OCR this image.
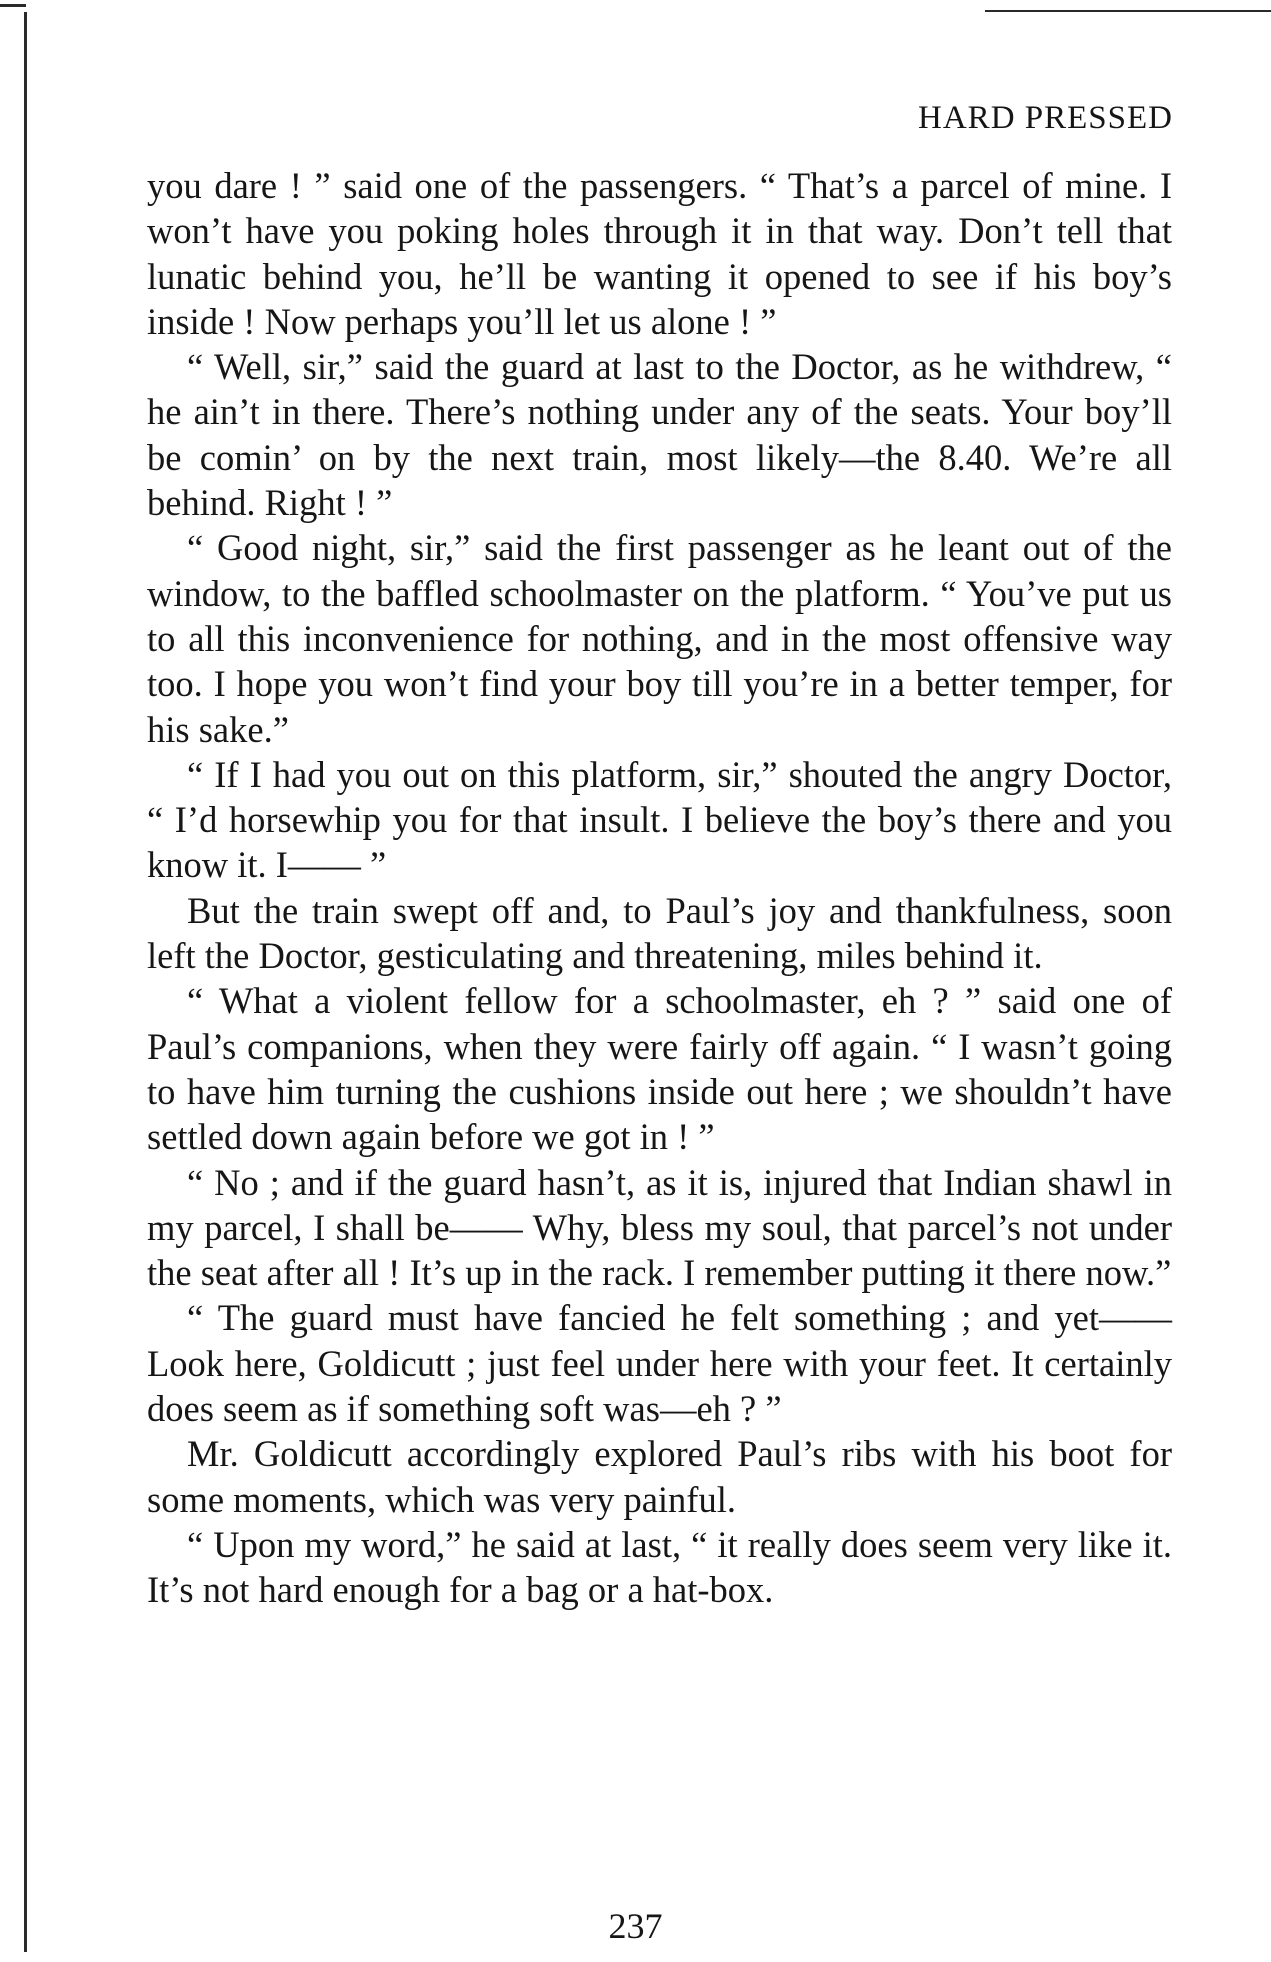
HARD PRESSED

you dare ! ” said one of the passengers. “ That’s a parcel of mine. I won’t have you poking holes through it in that way. Don’t tell that lunatic behind you, he’ll be wanting it opened to see if his boy’s inside ! Now perhaps you’ll let us alone ! ”

“ Well, sir,” said the guard at last to the Doctor, as he withdrew, “ he ain’t in there. There’s nothing under any of the seats. Your boy’ll be comin’ on by the next train, most likely—the 8.40. We’re all behind. Right ! ”

“ Good night, sir,” said the first passenger as he leant out of the window, to the baffled schoolmaster on the platform. “ You’ve put us to all this inconvenience for nothing, and in the most offensive way too. I hope you won’t find your boy till you’re in a better temper, for his sake.”

“ If I had you out on this platform, sir,” shouted the angry Doctor, “ I’d horsewhip you for that insult. I believe the boy’s there and you know it. I—— ”

But the train swept off and, to Paul’s joy and thankfulness, soon left the Doctor, gesticulating and threatening, miles behind it.

“ What a violent fellow for a schoolmaster, eh ? ” said one of Paul’s companions, when they were fairly off again. “ I wasn’t going to have him turning the cushions inside out here ; we shouldn’t have settled down again before we got in ! ”

“ No ; and if the guard hasn’t, as it is, injured that Indian shawl in my parcel, I shall be—— Why, bless my soul, that parcel’s not under the seat after all ! It’s up in the rack. I remember putting it there now.”

“ The guard must have fancied he felt something ; and yet—— Look here, Goldicutt ; just feel under here with your feet. It certainly does seem as if something soft was—eh ? ”

Mr. Goldicutt accordingly explored Paul’s ribs with his boot for some moments, which was very painful.

“ Upon my word,” he said at last, “ it really does seem very like it. It’s not hard enough for a bag or a hat-box.

237
